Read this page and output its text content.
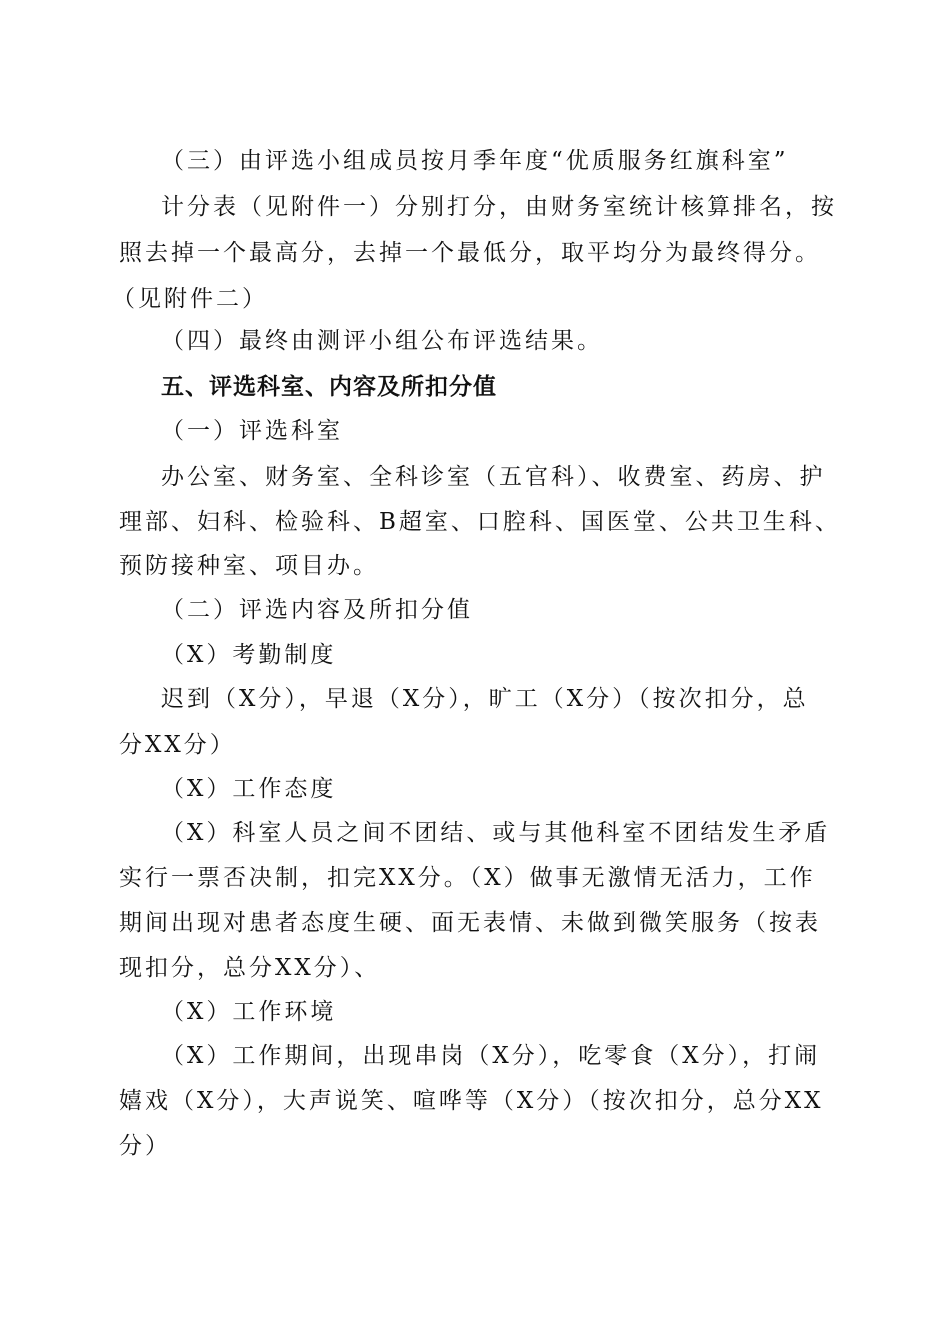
（三）由评选小组成员按月季年度“优质服务红旗科室”
计分表（见附件一）分别打分，由财务室统计核算排名，按
照去掉一个最高分，去掉一个最低分，取平均分为最终得分。
（见附件二）
（四）最终由测评小组公布评选结果。
五、评选科室、内容及所扣分值
（一）评选科室
办公室、财务室、全科诊室（五官科）、收费室、药房、护
理部、妇科、检验科、B超室、口腔科、国医堂、公共卫生科、
预防接种室、项目办。
（二）评选内容及所扣分值
（X）考勤制度
迟到（X分），早退（X分），旷工（X分）（按次扣分，总
分XX分）
（X）工作态度
（X）科室人员之间不团结、或与其他科室不团结发生矛盾
实行一票否决制，扣完XX分。（X）做事无激情无活力，工作
期间出现对患者态度生硬、面无表情、未做到微笑服务（按表
现扣分，总分XX分）、
（X）工作环境
（X）工作期间，出现串岗（X分），吃零食（X分），打闹
嬉戏（X分），大声说笑、喧哗等（X分）（按次扣分，总分XX
分）
